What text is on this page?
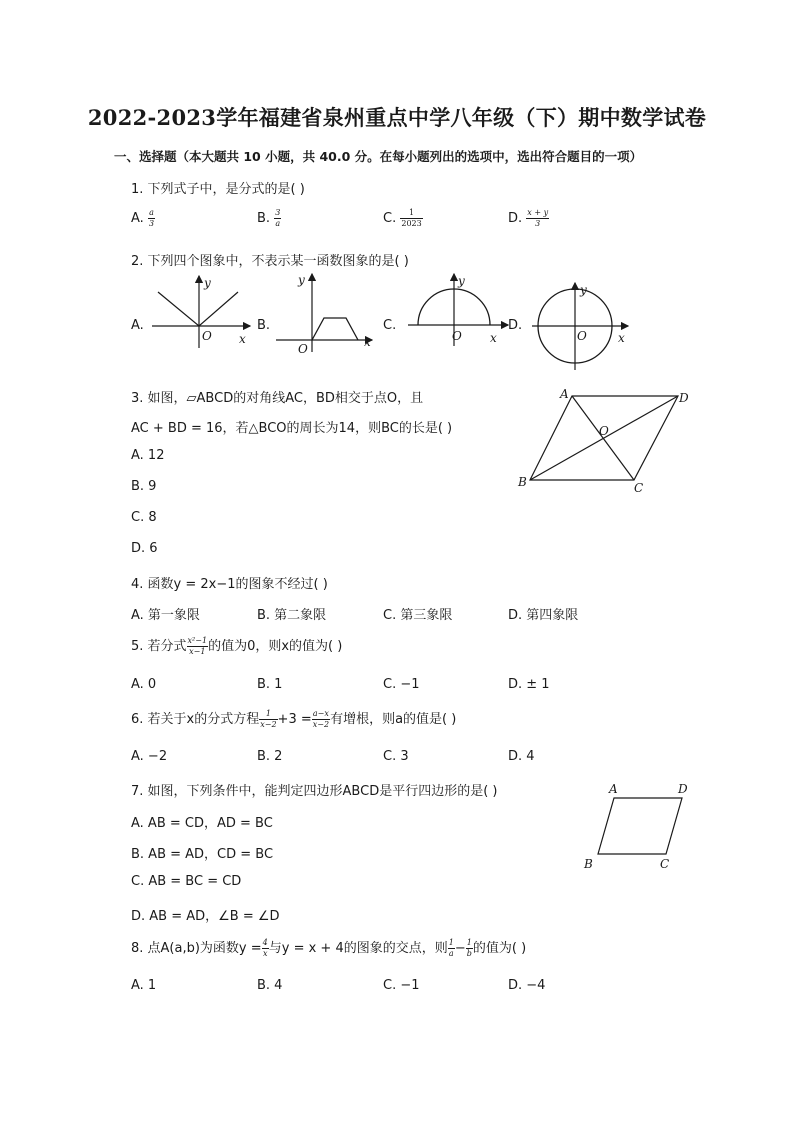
2022-2023学年福建省泉州重点中学八年级（下）期中数学试卷
一、选择题（本大题共 10 小题，共 40.0 分。在每小题列出的选项中，选出符合题目的一项）
1. 下列式子中，是分式的是( )
A. $\frac{a}{3}$	B. $\frac{3}{a}$	C. $\frac{1}{2023}$	D. $\frac{x + y}{3}$
2. 下列四个图象中，不表示某一函数图象的是( )
A.	B.	C.	D.
y
x
O
y
x
O
y
x
O
y
x
O
3. 如图，▱ABCD的对角线AC，BD相交于点O，且
AC + BD = 16，若△BCO的周长为14，则BC的长是( )
A. 12
B. 9
C. 8
D. 6
A	D
B	C
O
4. 函数y = 2x−1的图象不经过( )
A. 第一象限	B. 第二象限	C. 第三象限	D. 第四象限
5. 若分式 $\frac{\text{x²−1}}{x-1}$ 的值为0，则x的值为( )
A. 0	B. 1	C. −1	D. ± 1
6. 若关于x的分式方程 $\frac{1}{x-2} +3 = \frac{a-x}{x-2}$ 有增根，则a的值是( )
A. −2	B. 2	C. 3	D. 4
7. 如图，下列条件中，能判定四边形ABCD是平行四边形的是( )
A. AB = CD，AD = BC
B. AB = AD，CD = BC
C. AB = BC = CD
D. AB = AD，∠B = ∠D
A	D
B	C
8. 点A(a,b)为函数$y = \frac{4}{x}$ 与y = x + 4的图象的交点，则 $\frac{1}{a} - \frac{1}{b}$ 的值为( )
A. 1	B. 4	C. −1	D. −4
